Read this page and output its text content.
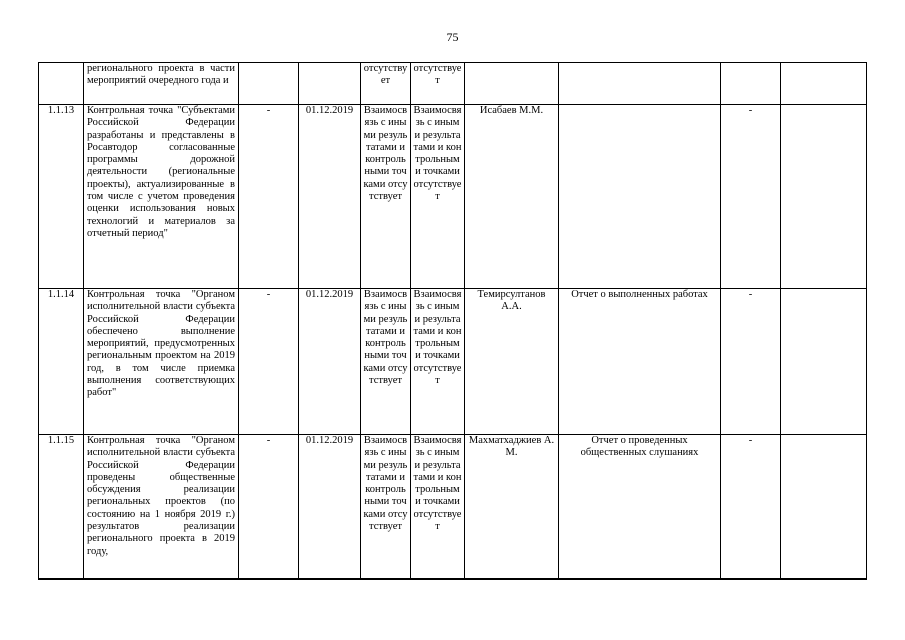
75
	регионального проекта в части мероприятий очередного года и			отсутствует	отсутствует				
1.1.13	Контрольная точка "Субъектами Российской Федерации разработаны и представлены в Росавтодор согласованные программы дорожной деятельности (региональные проекты), актуализированные в том числе с учетом проведения оценки использования новых технологий и материалов за отчетный период"	-	01.12.2019	Взаимосвязь с иными результатами и контрольными точками отсутствует	Взаимосвязь с иными результатами и контрольными точками отсутствует	Исабаев М.М.		-	
1.1.14	Контрольная точка "Органом исполнительной власти субъекта Российской Федерации обеспечено выполнение мероприятий, предусмотренных региональным проектом на 2019 год, в том числе приемка выполнения соответствующих работ"	-	01.12.2019	Взаимосвязь с иными результатами и контрольными точками отсутствует	Взаимосвязь с иными результатами и контрольными точками отсутствует	Темирсултанов А.А.	Отчет о выполненных работах	-	
1.1.15	Контрольная точка "Органом исполнительной власти субъекта Российской Федерации проведены общественные обсуждения реализации региональных проектов (по состоянию на 1 ноября 2019 г.) результатов реализации регионального проекта в 2019 году,	-	01.12.2019	Взаимосвязь с иными результатами и контрольными точками отсутствует	Взаимосвязь с иными результатами и контрольными точками отсутствует	Махматхаджиев А.М.	Отчет о проведенных общественных слушаниях	-	
